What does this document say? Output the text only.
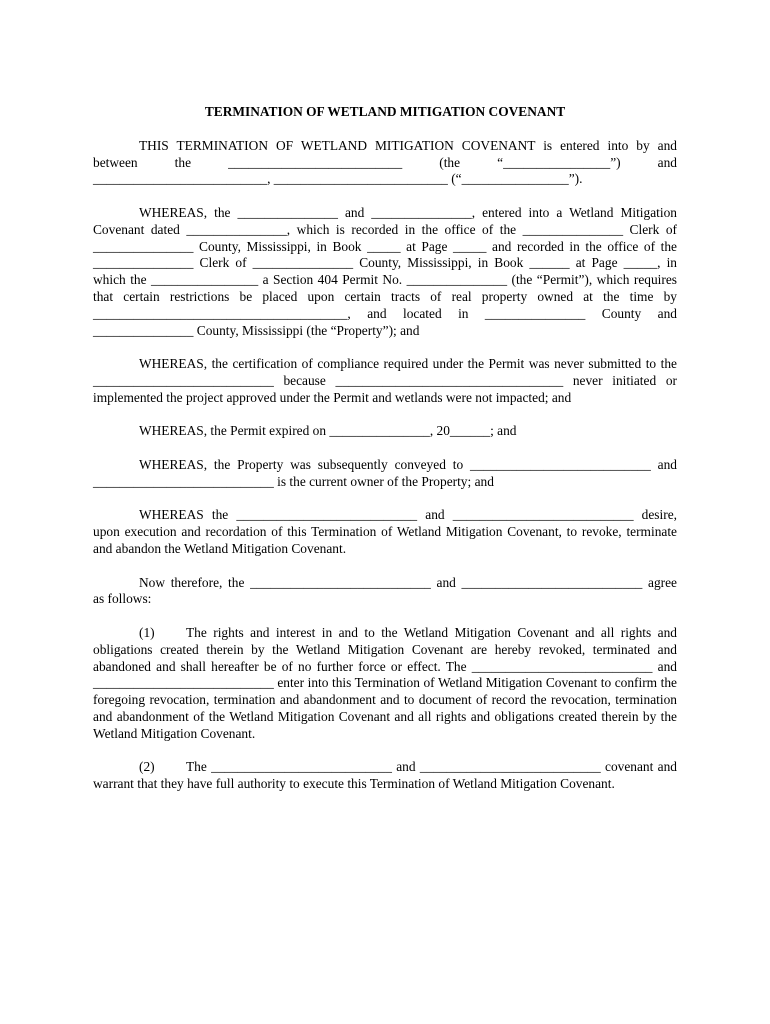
TERMINATION OF WETLAND MITIGATION COVENANT

THIS TERMINATION OF WETLAND MITIGATION COVENANT is entered into by and between the __________________________ (the “________________”) and __________________________, __________________________ (“________________”).

WHEREAS, the _______________ and _______________, entered into a Wetland Mitigation Covenant dated _______________, which is recorded in the office of the _______________ Clerk of _______________ County, Mississippi, in Book _____ at Page _____ and recorded in the office of the _______________ Clerk of _______________ County, Mississippi, in Book ______ at Page _____, in which the ________________ a Section 404 Permit No. _______________ (the “Permit”), which requires that certain restrictions be placed upon certain tracts of real property owned at the time by ______________________________________, and located in _______________ County and _______________ County, Mississippi (the “Property”); and

WHEREAS, the certification of compliance required under the Permit was never submitted to the ___________________________ because __________________________________ never initiated or implemented the project approved under the Permit and wetlands were not impacted; and

WHEREAS, the Permit expired on _______________, 20______; and

WHEREAS, the Property was subsequently conveyed to ___________________________ and ___________________________ is the current owner of the Property; and

WHEREAS the ___________________________ and ___________________________ desire, upon execution and recordation of this Termination of Wetland Mitigation Covenant, to revoke, terminate and abandon the Wetland Mitigation Covenant.

Now therefore, the ___________________________ and ___________________________ agree as follows:

(1) The rights and interest in and to the Wetland Mitigation Covenant and all rights and obligations created therein by the Wetland Mitigation Covenant are hereby revoked, terminated and abandoned and shall hereafter be of no further force or effect. The ___________________________ and ___________________________ enter into this Termination of Wetland Mitigation Covenant to confirm the foregoing revocation, termination and abandonment and to document of record the revocation, termination and abandonment of the Wetland Mitigation Covenant and all rights and obligations created therein by the Wetland Mitigation Covenant.

(2) The ___________________________ and ___________________________ covenant and warrant that they have full authority to execute this Termination of Wetland Mitigation Covenant.
